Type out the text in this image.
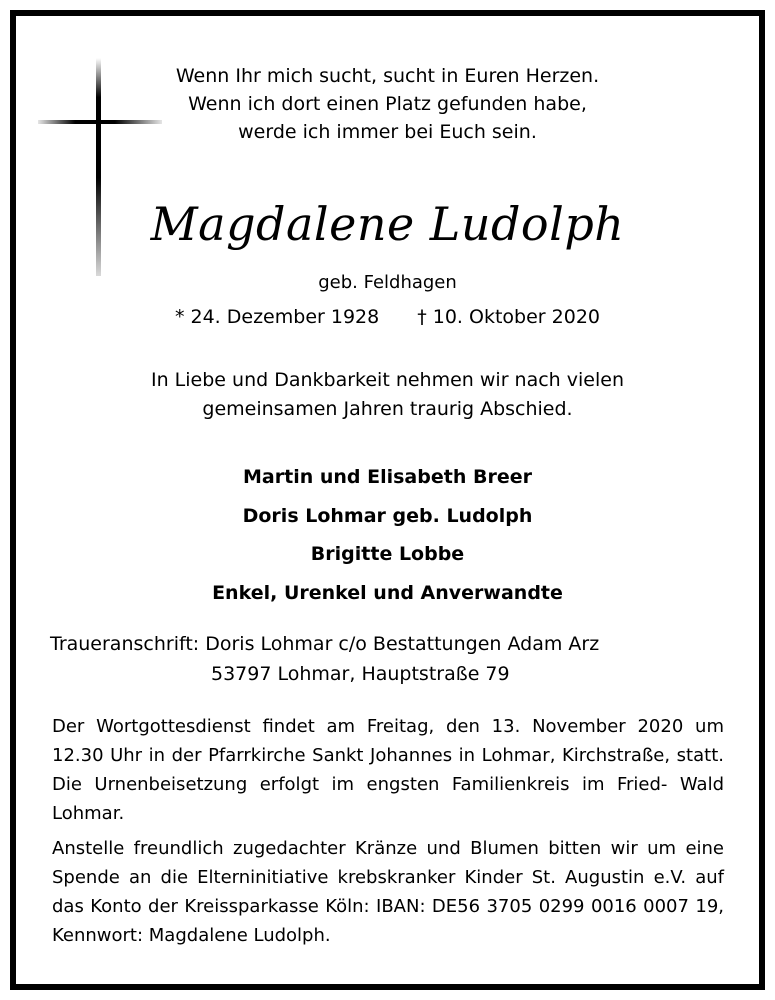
Wenn Ihr mich sucht, sucht in Euren Herzen.
Wenn ich dort einen Platz gefunden habe,
werde ich immer bei Euch sein.
Magdalene Ludolph
geb. Feldhagen
* 24. Dezember 1928 † 10. Oktober 2020
In Liebe und Dankbarkeit nehmen wir nach vielen
gemeinsamen Jahren traurig Abschied.
Martin und Elisabeth Breer
Doris Lohmar geb. Ludolph
Brigitte Lobbe
Enkel, Urenkel und Anverwandte
Traueranschrift: Doris Lohmar c/o Bestattungen Adam Arz
53797 Lohmar, Hauptstraße 79

Der Wortgottesdienst findet am Freitag, den 13. November 2020 um 12.30 Uhr in der Pfarrkirche Sankt Johannes in Lohmar, Kirchstraße, statt. Die Urnenbeisetzung erfolgt im engsten Familienkreis im Fried- Wald Lohmar.

Anstelle freundlich zugedachter Kränze und Blumen bitten wir um eine Spende an die Elterninitiative krebskranker Kinder St. Augustin e.V. auf das Konto der Kreissparkasse Köln: IBAN: DE56 3705 0299 0016 0007 19, Kennwort: Magdalene Ludolph.
